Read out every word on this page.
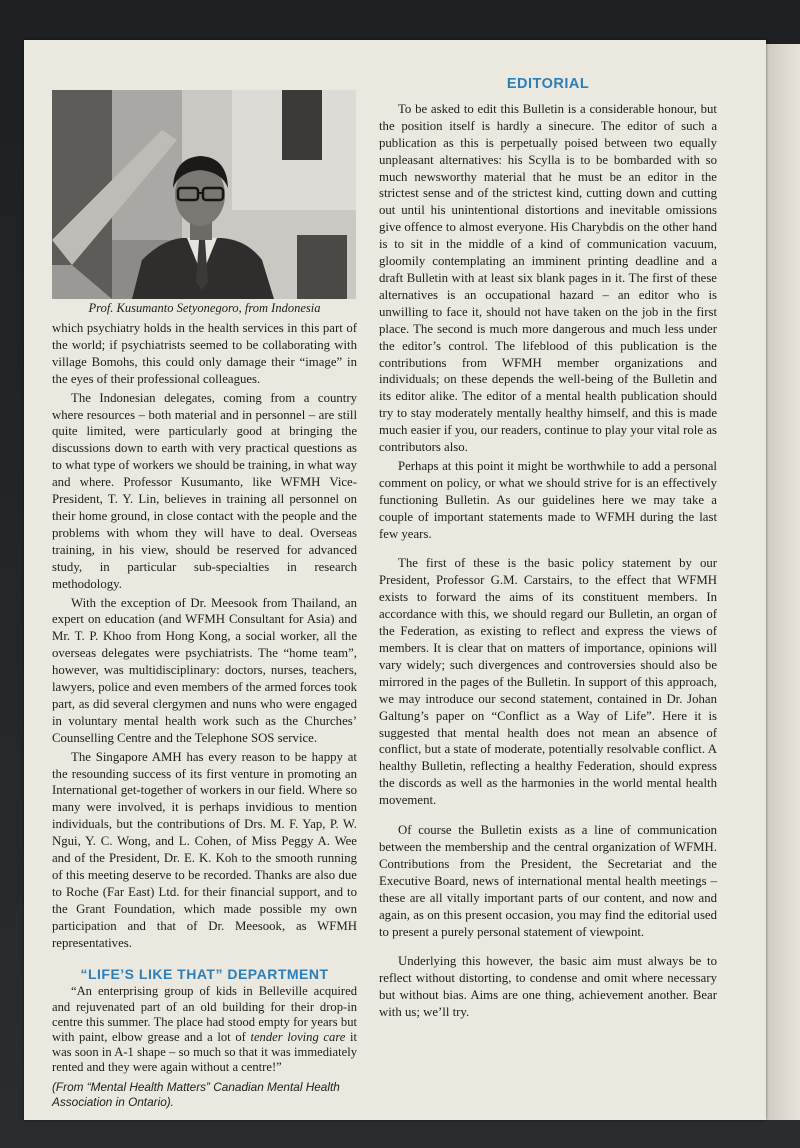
Prof. Kusumanto Setyonegoro, from Indonesia

which psychiatry holds in the health services in this part of the world; if psychiatrists seemed to be collaborating with village Bomohs, this could only damage their “image” in the eyes of their professional colleagues.

The Indonesian delegates, coming from a country where resources – both material and in personnel – are still quite limited, were particularly good at bringing the discussions down to earth with very practical questions as to what type of workers we should be training, in what way and where. Professor Kusumanto, like WFMH Vice-President, T. Y. Lin, believes in training all personnel on their home ground, in close contact with the people and the problems with whom they will have to deal. Overseas training, in his view, should be reserved for advanced study, in particular sub-specialties in research methodology.

With the exception of Dr. Meesook from Thailand, an expert on education (and WFMH Consultant for Asia) and Mr. T. P. Khoo from Hong Kong, a social worker, all the overseas delegates were psychiatrists. The “home team”, however, was multidisciplinary: doctors, nurses, teachers, lawyers, police and even members of the armed forces took part, as did several clergymen and nuns who were engaged in voluntary mental health work such as the Churches’ Counselling Centre and the Telephone SOS service.

The Singapore AMH has every reason to be happy at the resounding success of its first venture in promoting an International get-together of workers in our field. Where so many were involved, it is perhaps invidious to mention individuals, but the contributions of Drs. M. F. Yap, P. W. Ngui, Y. C. Wong, and L. Cohen, of Miss Peggy A. Wee and of the President, Dr. E. K. Koh to the smooth running of this meeting deserve to be recorded. Thanks are also due to Roche (Far East) Ltd. for their financial support, and to the Grant Foundation, which made possible my own participation and that of Dr. Meesook, as WFMH representatives.

“LIFE’S LIKE THAT” DEPARTMENT

“An enterprising group of kids in Belleville acquired and rejuvenated part of an old building for their drop-in centre this summer. The place had stood empty for years but with paint, elbow grease and a lot of tender loving care it was soon in A-1 shape – so much so that it was immediately rented and they were again without a centre!”

(From “Mental Health Matters” Canadian Mental Health Association in Ontario).
EDITORIAL

To be asked to edit this Bulletin is a considerable honour, but the position itself is hardly a sinecure. The editor of such a publication as this is perpetually poised between two equally unpleasant alternatives: his Scylla is to be bombarded with so much newsworthy material that he must be an editor in the strictest sense and of the strictest kind, cutting down and cutting out until his unintentional distortions and inevitable omissions give offence to almost everyone. His Charybdis on the other hand is to sit in the middle of a kind of communication vacuum, gloomily contemplating an imminent printing deadline and a draft Bulletin with at least six blank pages in it. The first of these alternatives is an occupational hazard – an editor who is unwilling to face it, should not have taken on the job in the first place. The second is much more dangerous and much less under the editor’s control. The lifeblood of this publication is the contributions from WFMH member organizations and individuals; on these depends the well-being of the Bulletin and its editor alike. The editor of a mental health publication should try to stay moderately mentally healthy himself, and this is made much easier if you, our readers, continue to play your vital role as contributors also.

Perhaps at this point it might be worthwhile to add a personal comment on policy, or what we should strive for is an effectively functioning Bulletin. As our guidelines here we may take a couple of important statements made to WFMH during the last few years.

The first of these is the basic policy statement by our President, Professor G.M. Carstairs, to the effect that WFMH exists to forward the aims of its constituent members. In accordance with this, we should regard our Bulletin, an organ of the Federation, as existing to reflect and express the views of members. It is clear that on matters of importance, opinions will vary widely; such divergences and controversies should also be mirrored in the pages of the Bulletin. In support of this approach, we may introduce our second statement, contained in Dr. Johan Galtung’s paper on “Conflict as a Way of Life”. Here it is suggested that mental health does not mean an absence of conflict, but a state of moderate, potentially resolvable conflict. A healthy Bulletin, reflecting a healthy Federation, should express the discords as well as the harmonies in the world mental health movement.

Of course the Bulletin exists as a line of communication between the membership and the central organization of WFMH. Contributions from the President, the Secretariat and the Executive Board, news of international mental health meetings – these are all vitally important parts of our content, and now and again, as on this present occasion, you may find the editorial used to present a purely personal statement of viewpoint.

Underlying this however, the basic aim must always be to reflect without distorting, to condense and omit where necessary but without bias. Aims are one thing, achievement another. Bear with us; we’ll try.
